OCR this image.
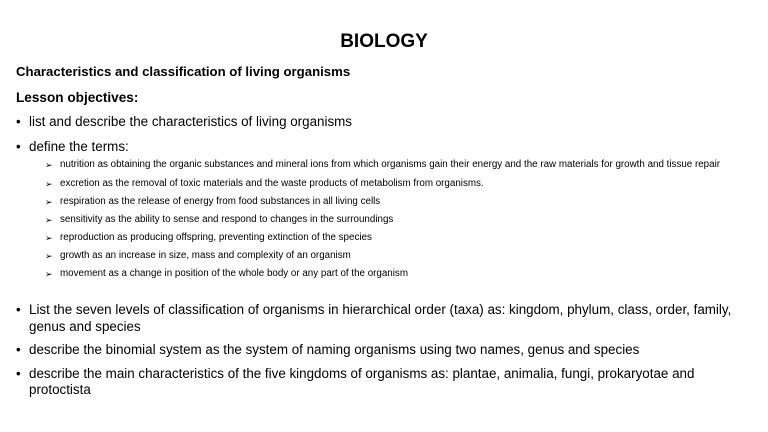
BIOLOGY
Characteristics and classification of living organisms
Lesson objectives:
• list and describe the characteristics of living organisms
• define the terms:
➢ nutrition as obtaining the organic substances and mineral ions from which organisms gain their energy and the raw materials for growth and tissue repair
➢ excretion as the removal of toxic materials and the waste products of metabolism from organisms.
➢ respiration as the release of energy from food substances in all living cells
➢ sensitivity as the ability to sense and respond to changes in the surroundings
➢ reproduction as producing offspring, preventing extinction of the species
➢ growth as an increase in size, mass and complexity of an organism
➢ movement as a change in position of the whole body or any part of the organism
• List the seven levels of classification of organisms in hierarchical order (taxa) as: kingdom, phylum, class, order, family, genus and species
• describe the binomial system as the system of naming organisms using two names, genus and species
• describe the main characteristics of the five kingdoms of organisms as: plantae, animalia, fungi, prokaryotae and protoctista
